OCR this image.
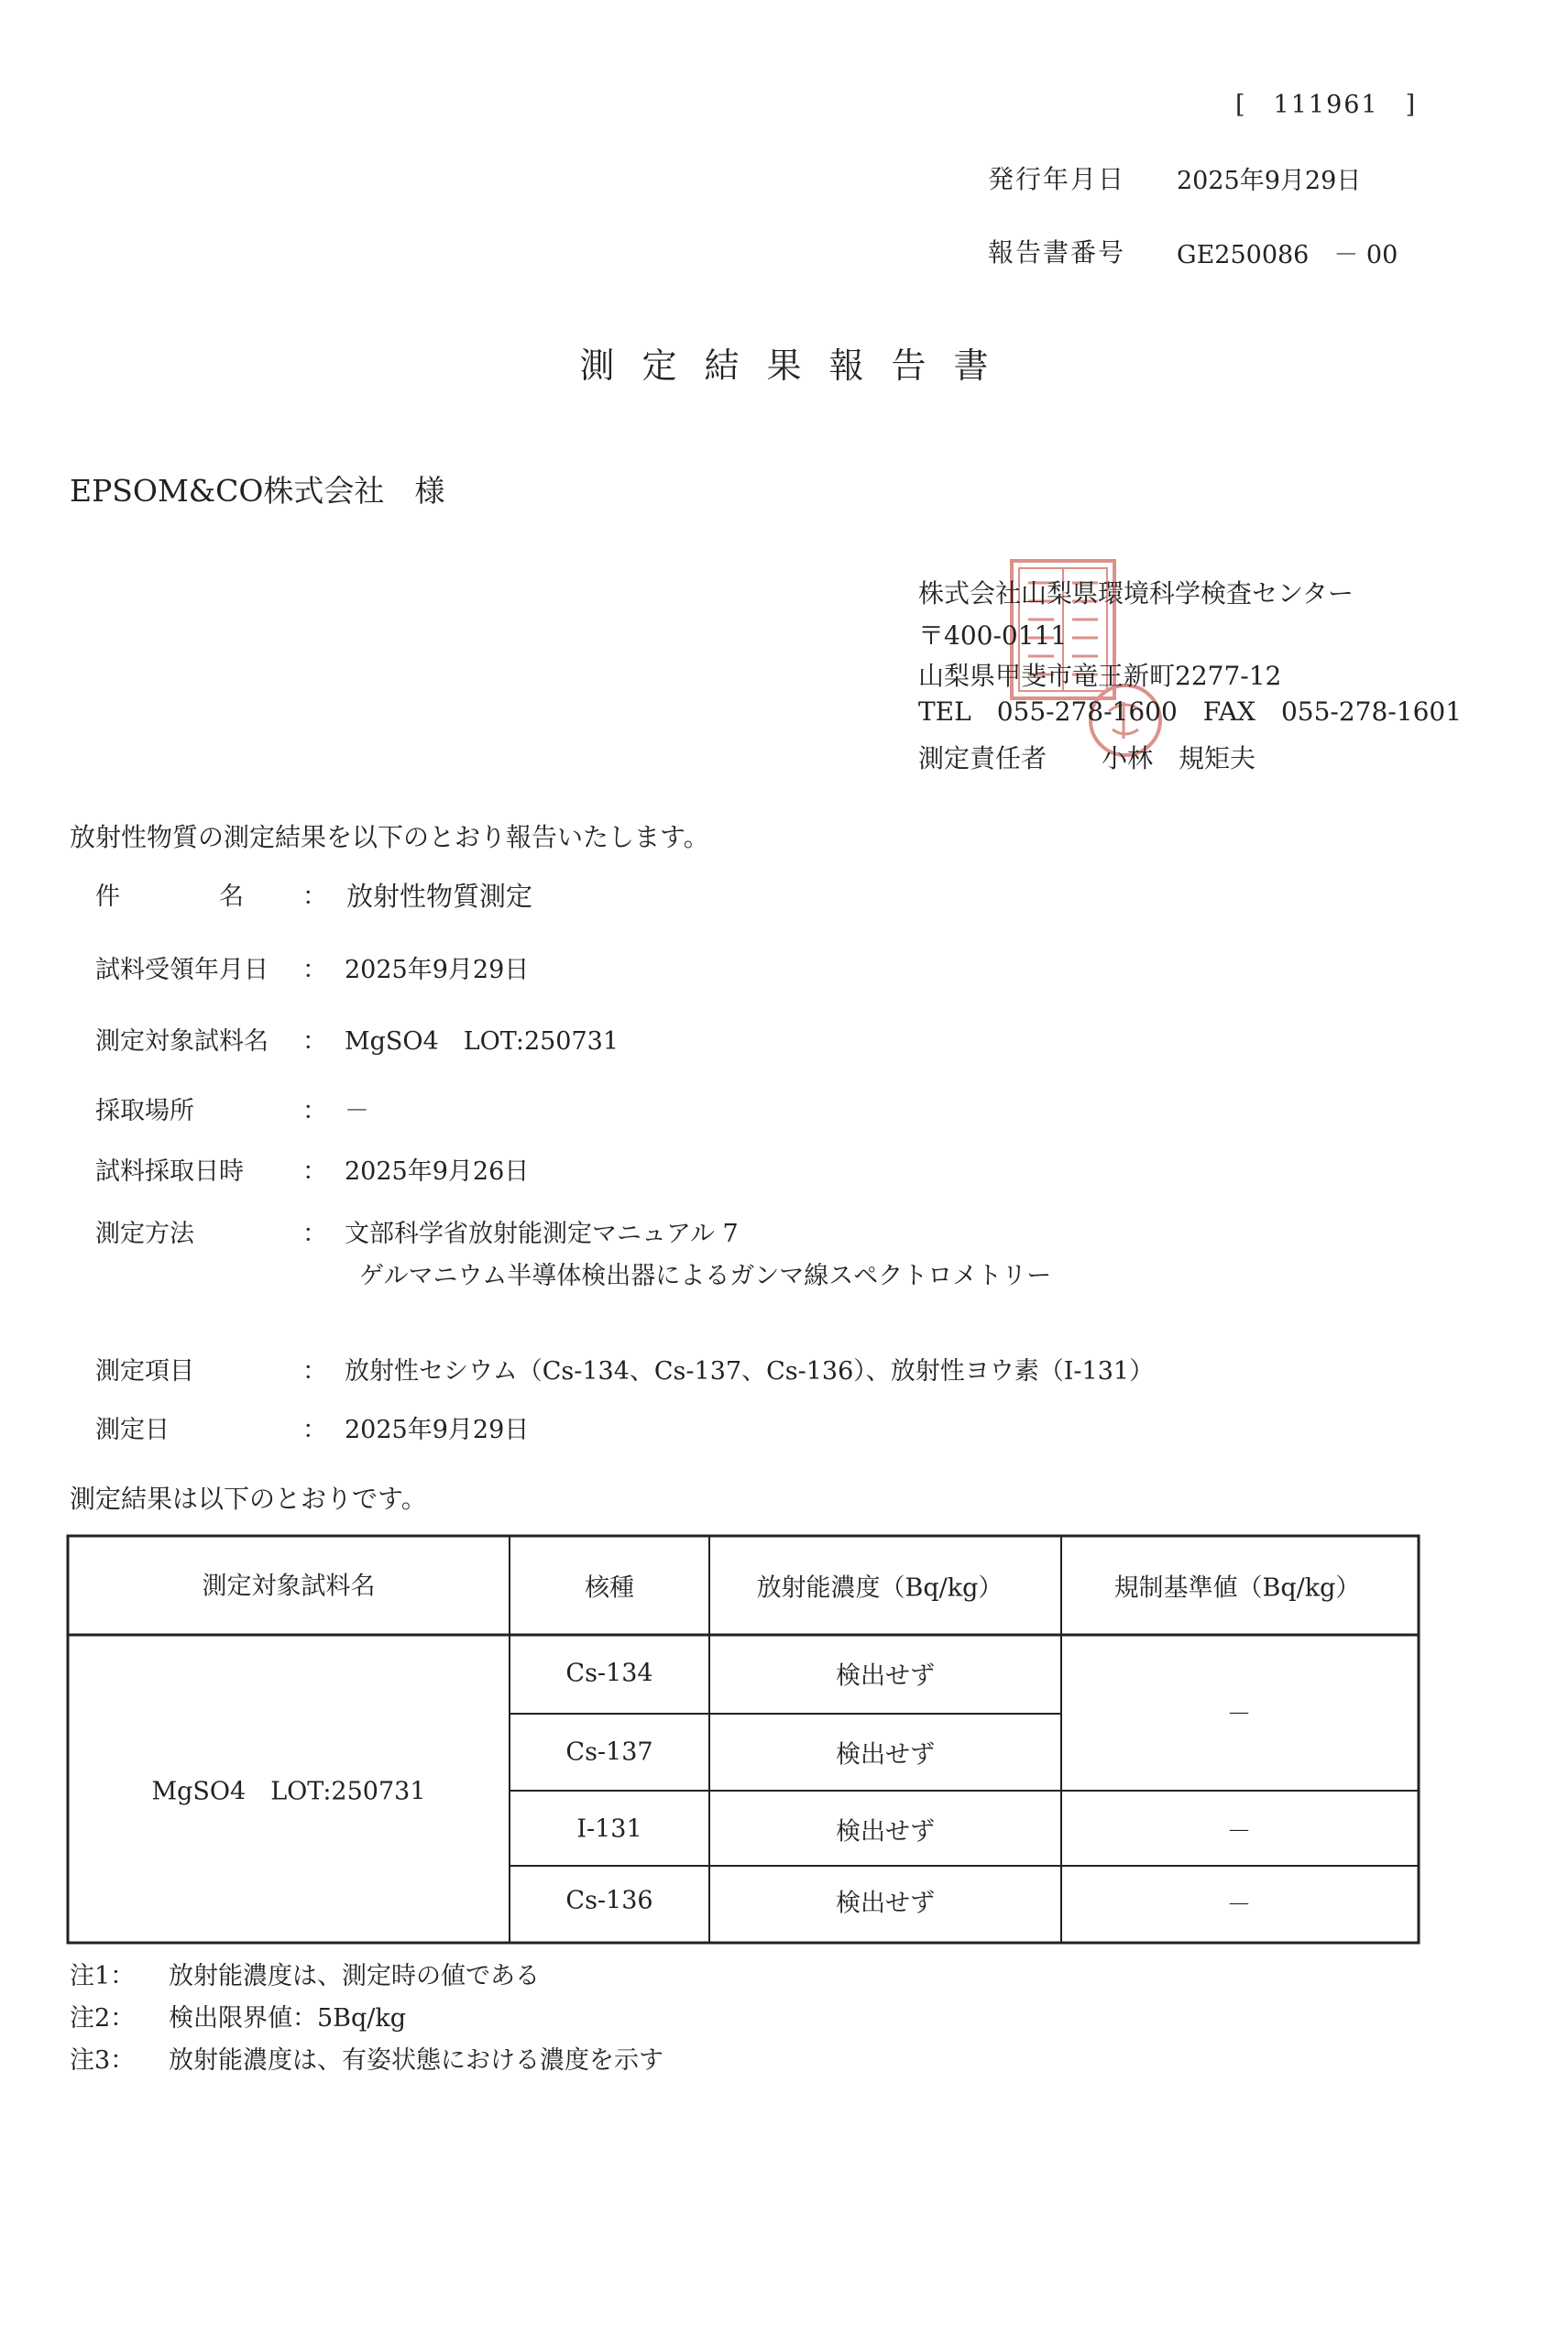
[　111961　]
発行年月日 2025年9月29日
報告書番号 GE250086　－ 00
測定結果報告書
EPSOM&CO株式会社　様
株式会社山梨県環境科学検査センター
〒400-0111
山梨県甲斐市竜王新町2277-12
TEL 055-278-1600 FAX 055-278-1601
測定責任者 小林　規矩夫
放射性物質の測定結果を以下のとおり報告いたします。
件　　　　名 ： 放射性物質測定
試料受領年月日 ： 2025年9月29日
測定対象試料名 ： MgSO4　LOT:250731
採取場所	： －
試料採取日時 ： 2025年9月26日
測定方法	： 文部科学省放射能測定マニュアル 7
ゲルマニウム半導体検出器によるガンマ線スペクトロメトリー
測定項目	： 放射性セシウム（Cs-134、Cs-137、Cs-136）、放射性ヨウ素（I-131）
測定日	： 2025年9月29日
測定結果は以下のとおりです。
測定対象試料名	核種	放射能濃度（Bq/kg）	規制基準値（Bq/kg）
MgSO4　LOT:250731
Cs-134	検出せず
Cs-137	検出せず
－
I-131	検出せず	－
Cs-136	検出せず	－
注1： 放射能濃度は、測定時の値である
注2： 検出限界値：5Bq/kg
注3： 放射能濃度は、有姿状態における濃度を示す
